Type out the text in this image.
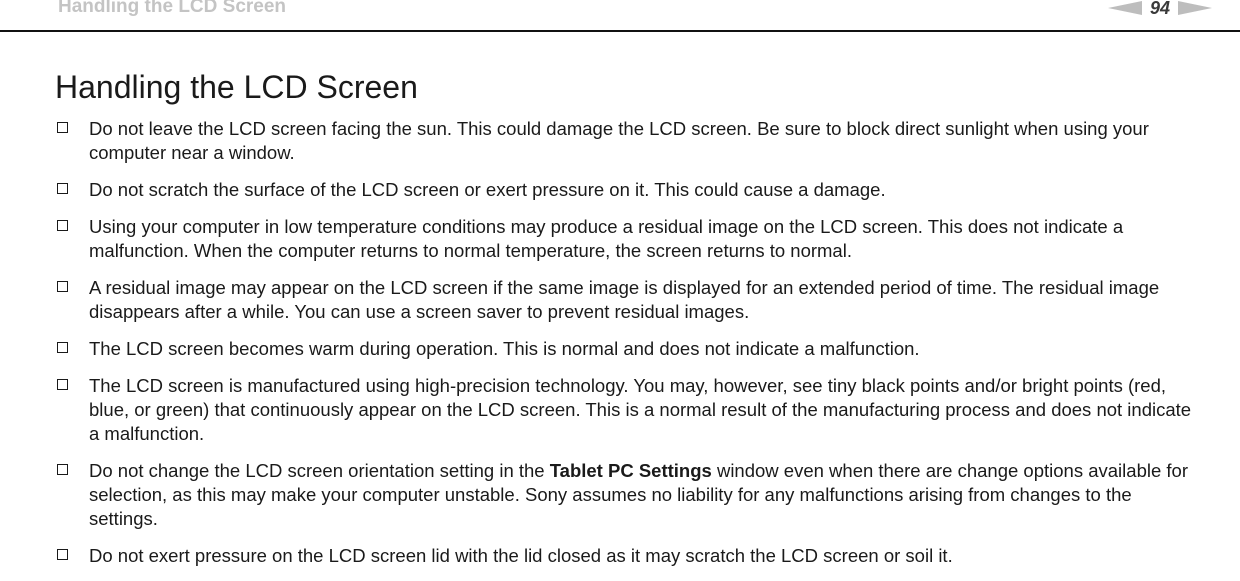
Handling the LCD Screen	94
Handling the LCD Screen
Do not leave the LCD screen facing the sun. This could damage the LCD screen. Be sure to block direct sunlight when using your computer near a window.
Do not scratch the surface of the LCD screen or exert pressure on it. This could cause a damage.
Using your computer in low temperature conditions may produce a residual image on the LCD screen. This does not indicate a malfunction. When the computer returns to normal temperature, the screen returns to normal.
A residual image may appear on the LCD screen if the same image is displayed for an extended period of time. The residual image disappears after a while. You can use a screen saver to prevent residual images.
The LCD screen becomes warm during operation. This is normal and does not indicate a malfunction.
The LCD screen is manufactured using high-precision technology. You may, however, see tiny black points and/or bright points (red, blue, or green) that continuously appear on the LCD screen. This is a normal result of the manufacturing process and does not indicate a malfunction.
Do not change the LCD screen orientation setting in the Tablet PC Settings window even when there are change options available for selection, as this may make your computer unstable. Sony assumes no liability for any malfunctions arising from changes to the settings.
Do not exert pressure on the LCD screen lid with the lid closed as it may scratch the LCD screen or soil it.
